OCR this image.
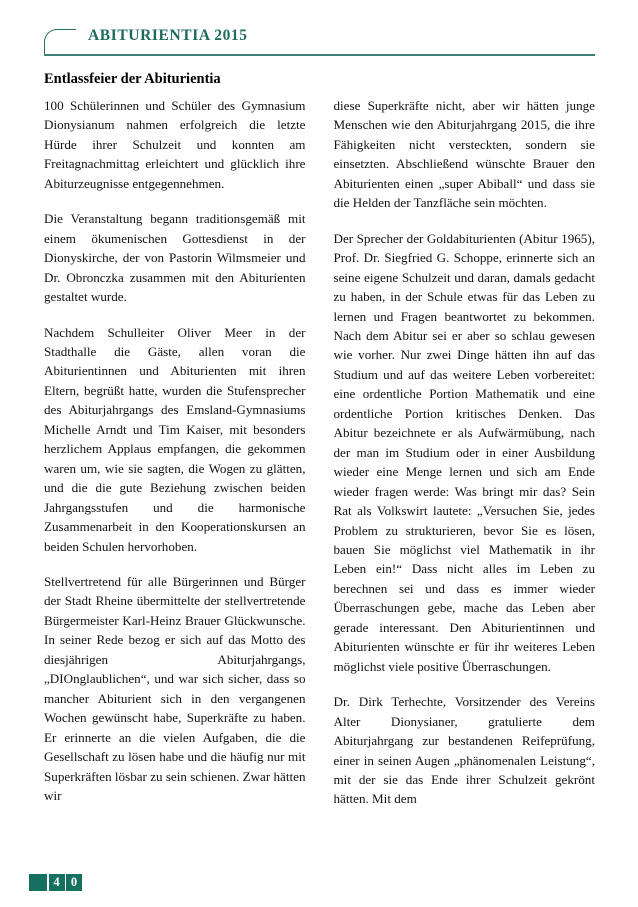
ABITURIENTIA 2015
Entlassfeier der Abiturientia

100 Schülerinnen und Schüler des Gymnasium Dionysianum nahmen erfolgreich die letzte Hürde ihrer Schulzeit und konnten am Freitagnachmittag erleichtert und glücklich ihre Abiturzeugnisse entgegennehmen.

Die Veranstaltung begann traditionsgemäß mit einem ökumenischen Gottesdienst in der Dionyskirche, der von Pastorin Wilmsmeier und Dr. Obronczka zusammen mit den Abiturienten gestaltet wurde.

Nachdem Schulleiter Oliver Meer in der Stadthalle die Gäste, allen voran die Abiturientinnen und Abiturienten mit ihren Eltern, begrüßt hatte, wurden die Stufensprecher des Abiturjahrgangs des Emsland-Gymnasiums Michelle Arndt und Tim Kaiser, mit besonders herzlichem Applaus empfangen, die gekommen waren um, wie sie sagten, die Wogen zu glätten, und die die gute Beziehung zwischen beiden Jahrgangsstufen und die harmonische Zusammenarbeit in den Kooperationskursen an beiden Schulen hervorhoben.

Stellvertretend für alle Bürgerinnen und Bürger der Stadt Rheine übermittelte der stellvertretende Bürgermeister Karl-Heinz Brauer Glückwunsche. In seiner Rede bezog er sich auf das Motto des diesjährigen Abiturjahrgangs, „DIOnglaublichen“, und war sich sicher, dass so mancher Abiturient sich in den vergangenen Wochen gewünscht habe, Superkräfte zu haben. Er erinnerte an die vielen Aufgaben, die die Gesellschaft zu lösen habe und die häufig nur mit Superkräften lösbar zu sein schienen. Zwar hätten wir

diese Superkräfte nicht, aber wir hätten junge Menschen wie den Abiturjahrgang 2015, die ihre Fähigkeiten nicht versteckten, sondern sie einsetzten. Abschließend wünschte Brauer den Abiturienten einen „super Abiball“ und dass sie die Helden der Tanzfläche sein möchten.

Der Sprecher der Goldabiturienten (Abitur 1965), Prof. Dr. Siegfried G. Schoppe, erinnerte sich an seine eigene Schulzeit und daran, damals gedacht zu haben, in der Schule etwas für das Leben zu lernen und Fragen beantwortet zu bekommen. Nach dem Abitur sei er aber so schlau gewesen wie vorher. Nur zwei Dinge hätten ihn auf das Studium und auf das weitere Leben vorbereitet: eine ordentliche Portion Mathematik und eine ordentliche Portion kritisches Denken. Das Abitur bezeichnete er als Aufwärmübung, nach der man im Studium oder in einer Ausbildung wieder eine Menge lernen und sich am Ende wieder fragen werde: Was bringt mir das? Sein Rat als Volkswirt lautete: „Versuchen Sie, jedes Problem zu strukturieren, bevor Sie es lösen, bauen Sie möglichst viel Mathematik in ihr Leben ein!“ Dass nicht alles im Leben zu berechnen sei und dass es immer wieder Überraschungen gebe, mache das Leben aber gerade interessant. Den Abiturientinnen und Abiturienten wünschte er für ihr weiteres Leben möglichst viele positive Überraschungen.

Dr. Dirk Terhechte, Vorsitzender des Vereins Alter Dionysianer, gratulierte dem Abiturjahrgang zur bestandenen Reifeprüfung, einer in seinen Augen „phänomenalen Leistung“, mit der sie das Ende ihrer Schulzeit gekrönt hätten. Mit dem

4 0
